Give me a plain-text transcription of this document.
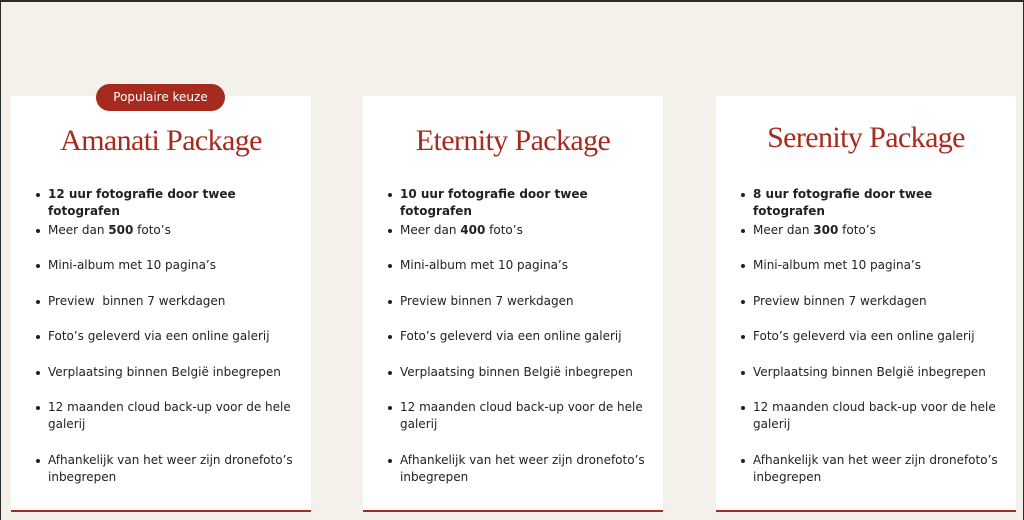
Populaire keuze
Amanati Package
12 uur fotografie door twee fotografen
Meer dan 500 foto’s
Mini-album met 10 pagina’s
Preview  binnen 7 werkdagen
Foto’s geleverd via een online galerij
Verplaatsing binnen België inbegrepen
12 maanden cloud back-up voor de hele galerij
Afhankelijk van het weer zijn dronefoto’s inbegrepen
Eternity Package
10 uur fotografie door twee fotografen
Meer dan 400 foto’s
Mini-album met 10 pagina’s
Preview binnen 7 werkdagen
Foto’s geleverd via een online galerij
Verplaatsing binnen België inbegrepen
12 maanden cloud back-up voor de hele galerij
Afhankelijk van het weer zijn dronefoto’s inbegrepen
Serenity Package
8 uur fotografie door twee fotografen
Meer dan 300 foto’s
Mini-album met 10 pagina’s
Preview binnen 7 werkdagen
Foto’s geleverd via een online galerij
Verplaatsing binnen België inbegrepen
12 maanden cloud back-up voor de hele galerij
Afhankelijk van het weer zijn dronefoto’s inbegrepen
